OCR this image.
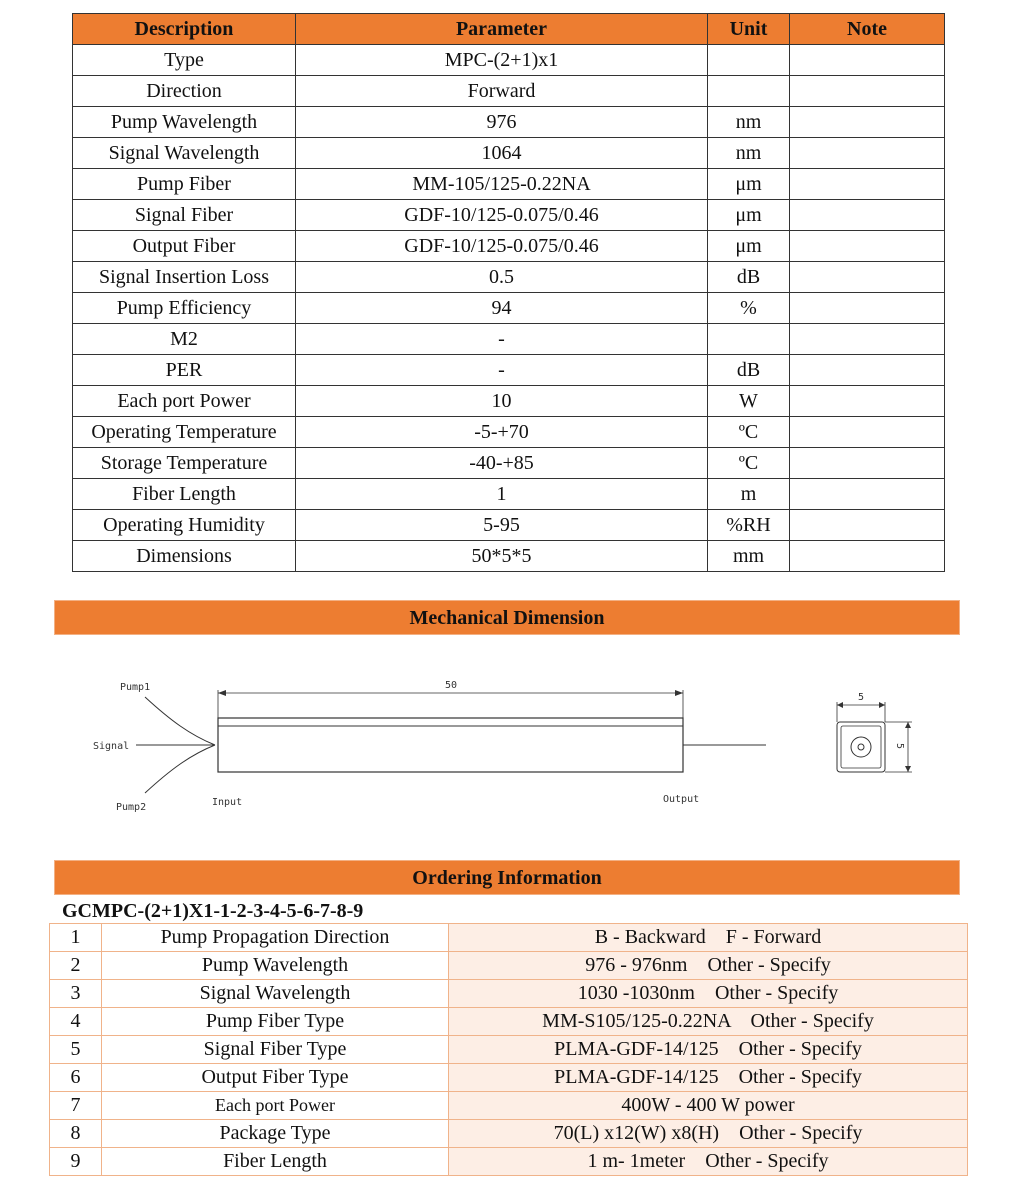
Description	Parameter	Unit	Note
Type	MPC-(2+1)x1		
Direction	Forward		
Pump Wavelength	976	nm	
Signal Wavelength	1064	nm	
Pump Fiber	MM-105/125-0.22NA	μm	
Signal Fiber	GDF-10/125-0.075/0.46	μm	
Output Fiber	GDF-10/125-0.075/0.46	μm	
Signal Insertion Loss	0.5	dB	
Pump Efficiency	94	%	
M2	-		
PER	-	dB	
Each port Power	10	W	
Operating Temperature	-5-+70	ºC	
Storage Temperature	-40-+85	ºC	
Fiber Length	1	m	
Operating Humidity	5-95	%RH	
Dimensions	50*5*5	mm	
Mechanical Dimension
50
Pump1
Signal
Pump2	Input	Output
5
5
Ordering Information
GCMPC-(2+1)X1-1-2-3-4-5-6-7-8-9
1	Pump Propagation Direction	B - Backward    F - Forward
2	Pump Wavelength	976 - 976nm    Other - Specify
3	Signal Wavelength	1030 -1030nm    Other - Specify
4	Pump Fiber Type	MM-S105/125-0.22NA    Other - Specify
5	Signal Fiber Type	PLMA-GDF-14/125    Other - Specify
6	Output Fiber Type	PLMA-GDF-14/125    Other - Specify
7	Each port Power	400W - 400 W power
8	Package Type	70(L) x12(W) x8(H)    Other - Specify
9	Fiber Length	1 m- 1meter    Other - Specify
